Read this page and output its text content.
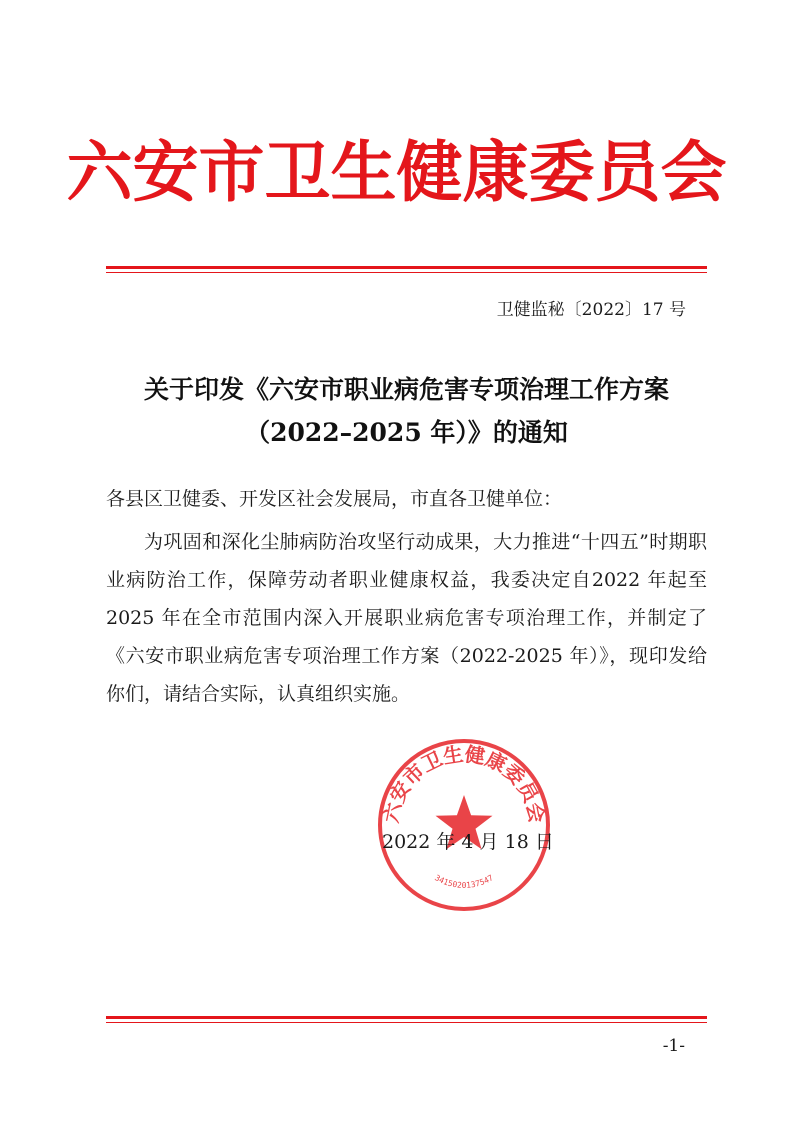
六安市卫生健康委员会
卫健监秘〔2022〕17 号
关于印发《六安市职业病危害专项治理工作方案
（2022–2025 年）》的通知
各县区卫健委、开发区社会发展局，市直各卫健单位：

为巩固和深化尘肺病防治攻坚行动成果，大力推进“十四五”时期职业病防治工作，保障劳动者职业健康权益，我委决定自2022 年起至 2025 年在全市范围内深入开展职业病危害专项治理工作，并制定了《六安市职业病危害专项治理工作方案（2022-2025 年）》，现印发给你们，请结合实际，认真组织实施。

六安市卫生健康委员会
3415020137547
2022 年 4 月 18 日
-1-
